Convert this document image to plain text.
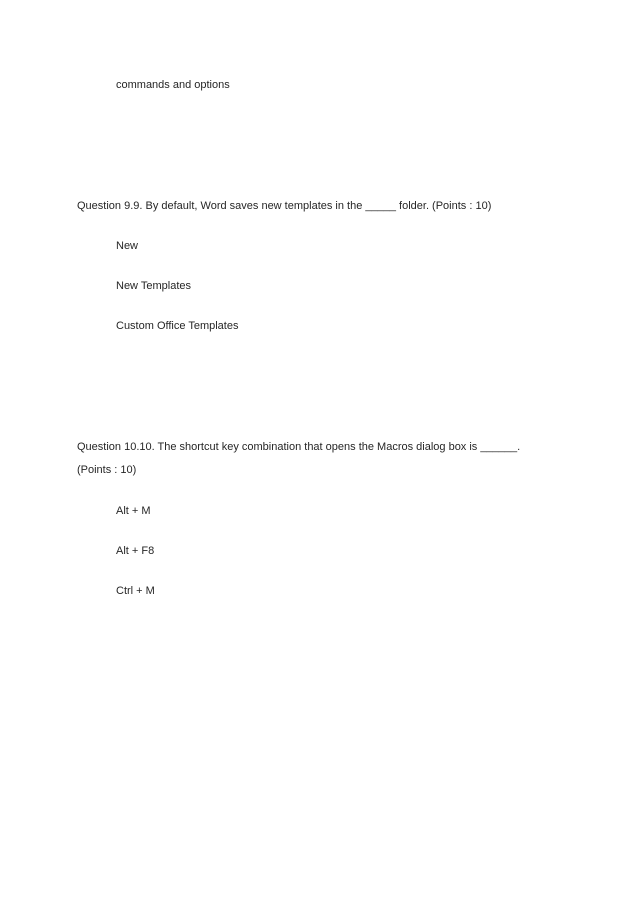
commands and options
Question 9.9. By default, Word saves new templates in the _____ folder. (Points : 10)
New
New Templates
Custom Office Templates
Question 10.10. The shortcut key combination that opens the Macros dialog box is ______.
(Points : 10)
Alt + M
Alt + F8
Ctrl + M
